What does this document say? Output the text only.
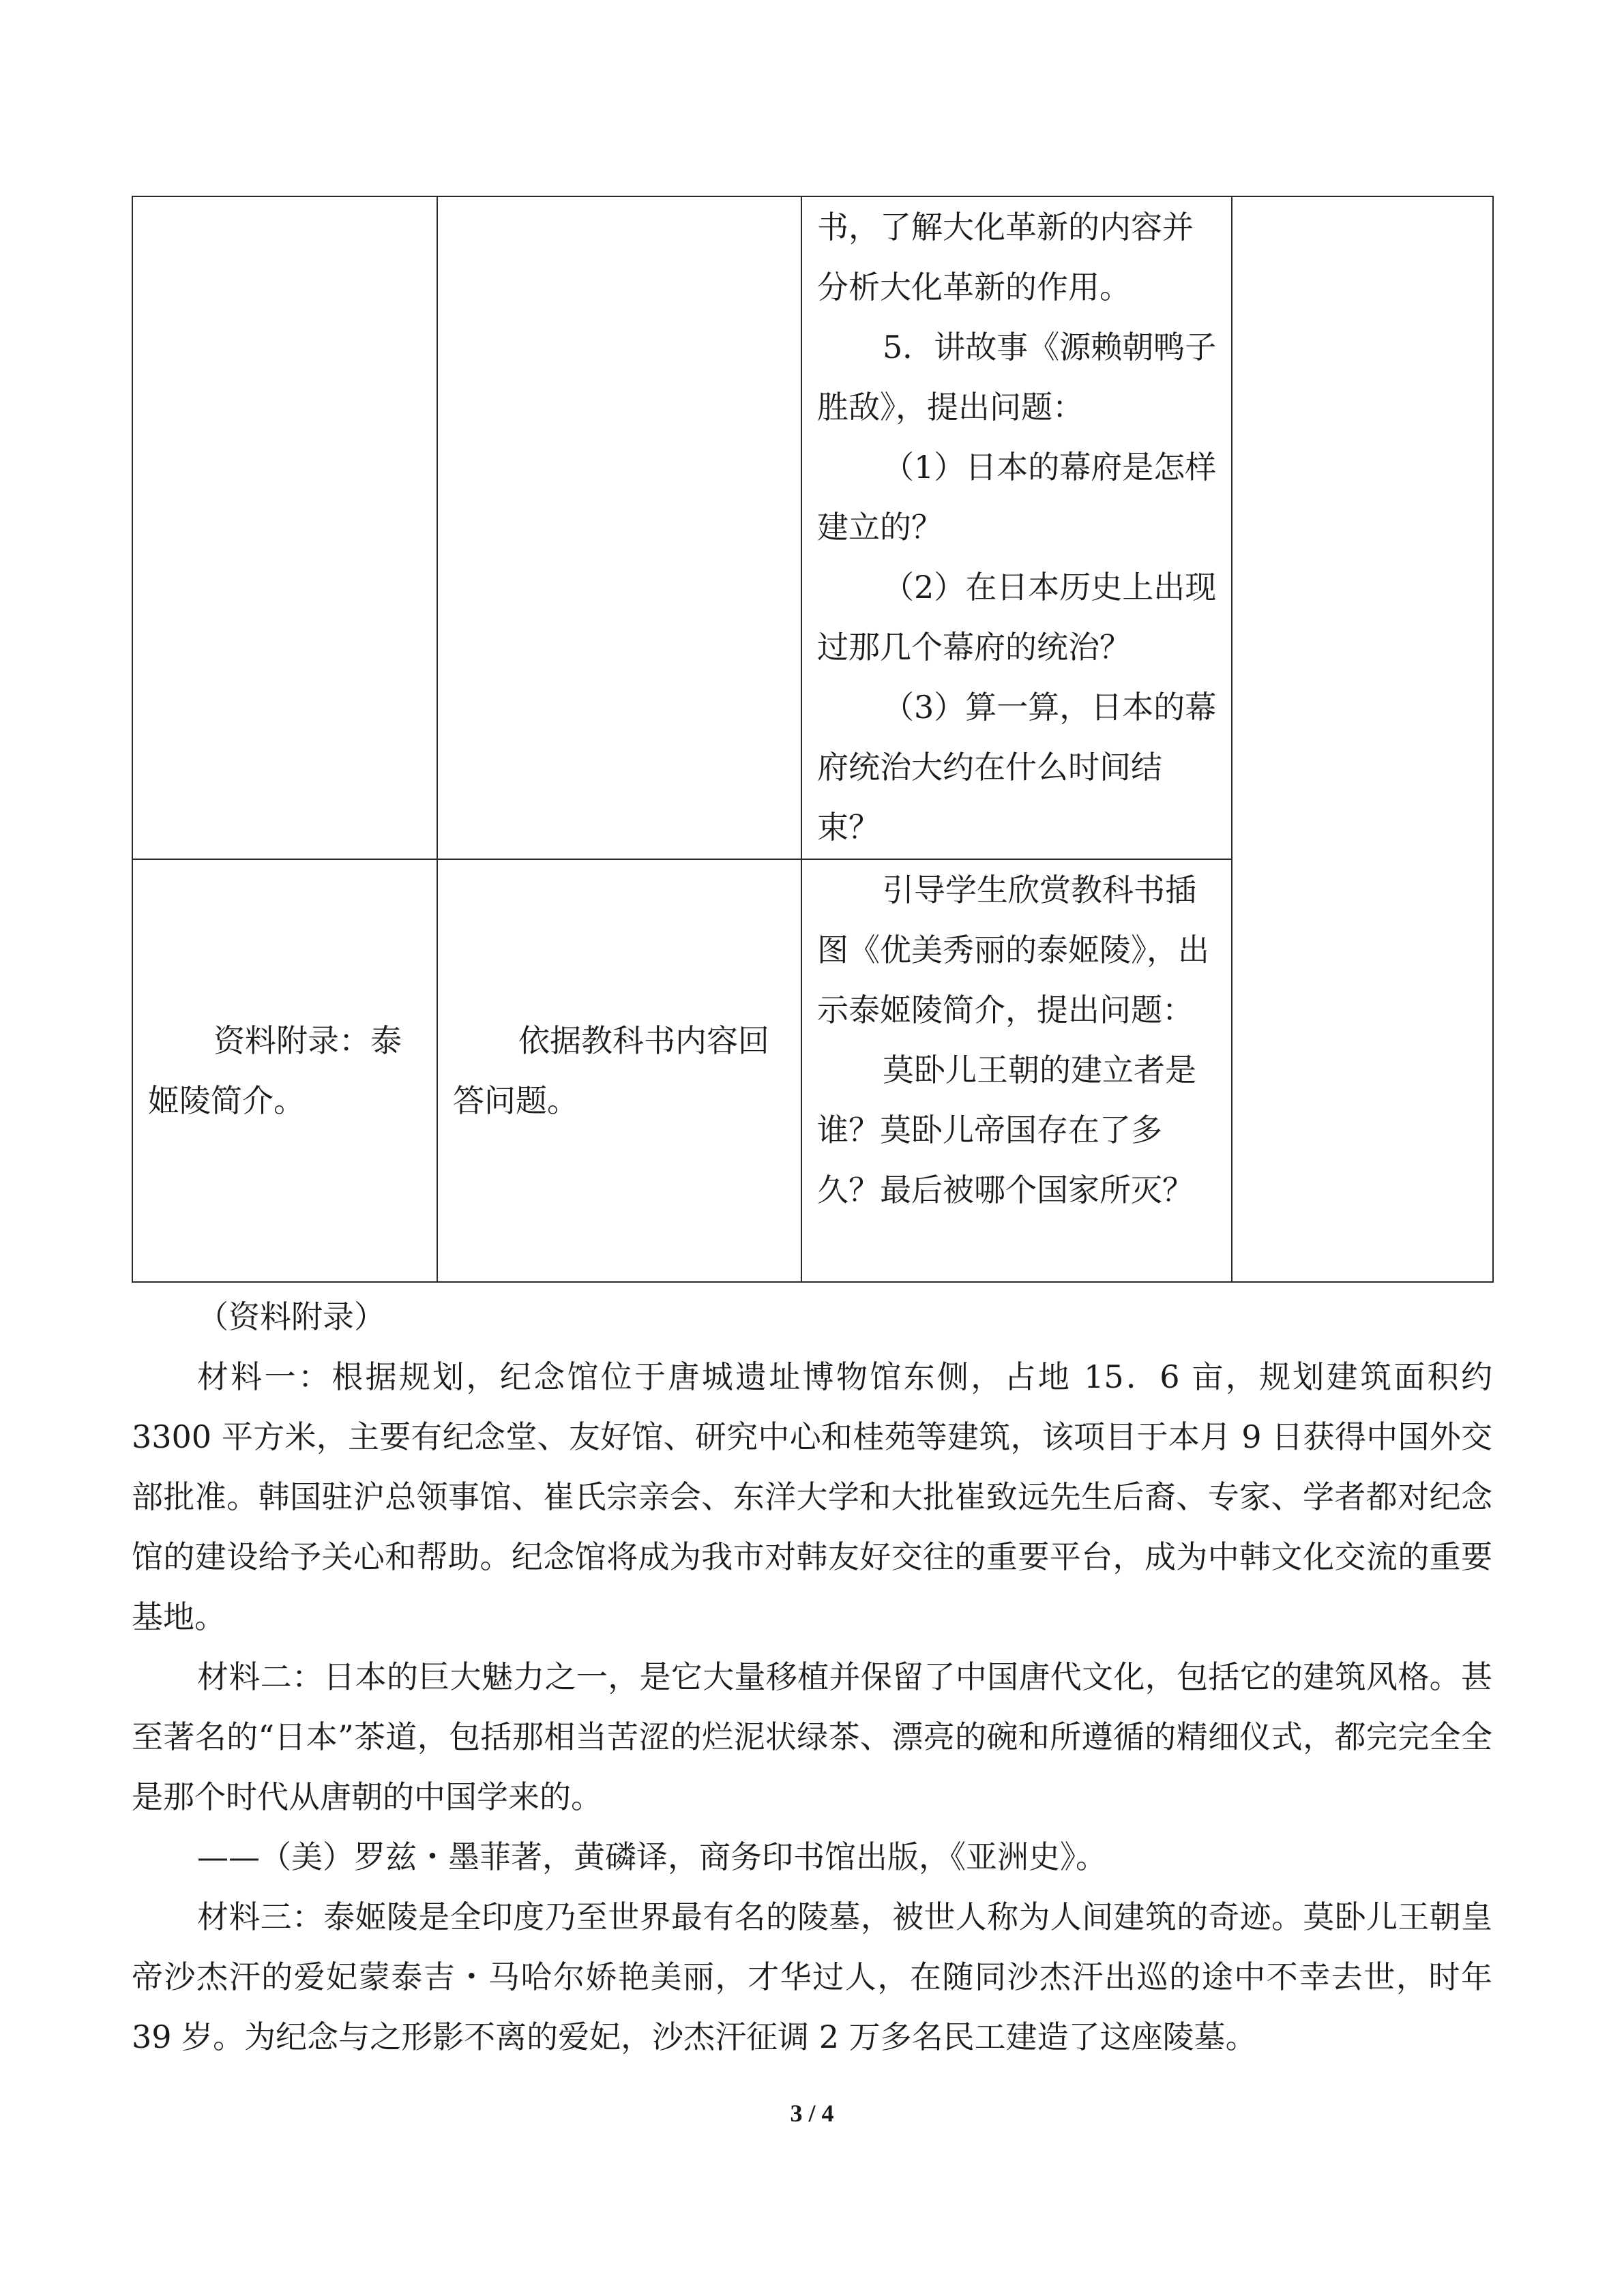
		书，了解大化革新的内容并分析大化革新的作用。

5．讲故事《源赖朝鸭子胜敌》，提出问题：

（1）日本的幕府是怎样建立的？

（2）在日本历史上出现过那几个幕府的统治？

（3）算一算，日本的幕府统治大约在什么时间结束？	

资料附录：泰姬陵简介。	依据教科书内容回答问题。	引导学生欣赏教科书插图《优美秀丽的泰姬陵》，出示泰姬陵简介，提出问题：

莫卧儿王朝的建立者是谁？莫卧儿帝国存在了多久？最后被哪个国家所灭？	

（资料附录）

材料一：根据规划，纪念馆位于唐城遗址博物馆东侧，占地 15．6 亩，规划建筑面积约 3300 平方米，主要有纪念堂、友好馆、研究中心和桂苑等建筑，该项目于本月 9 日获得中国外交部批准。韩国驻沪总领事馆、崔氏宗亲会、东洋大学和大批崔致远先生后裔、专家、学者都对纪念馆的建设给予关心和帮助。纪念馆将成为我市对韩友好交往的重要平台，成为中韩文化交流的重要基地。

材料二：日本的巨大魅力之一，是它大量移植并保留了中国唐代文化，包括它的建筑风格。甚至著名的“日本”茶道，包括那相当苦涩的烂泥状绿茶、漂亮的碗和所遵循的精细仪式，都完完全全是那个时代从唐朝的中国学来的。

——（美）罗兹・墨菲著，黄磷译，商务印书馆出版，《亚洲史》。

材料三：泰姬陵是全印度乃至世界最有名的陵墓，被世人称为人间建筑的奇迹。莫卧儿王朝皇帝沙杰汗的爱妃蒙泰吉・马哈尔娇艳美丽，才华过人，在随同沙杰汗出巡的途中不幸去世，时年 39 岁。为纪念与之形影不离的爱妃，沙杰汗征调 2 万多名民工建造了这座陵墓。

3 / 4
